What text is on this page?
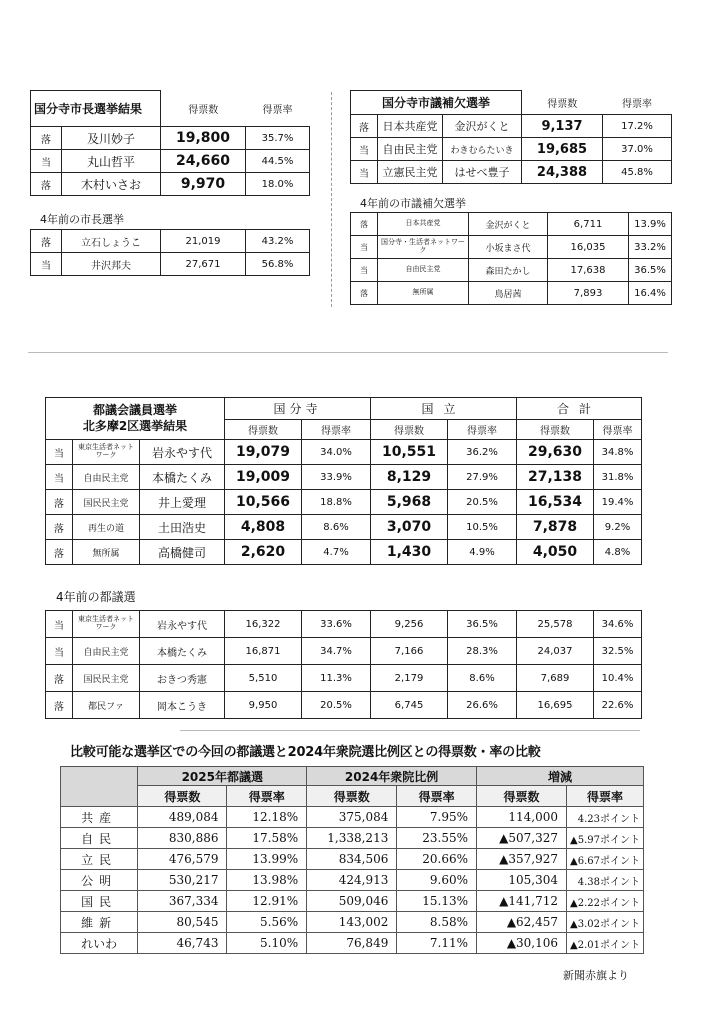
国分寺市長選挙結果		得票数	得票率
落	及川妙子	19,800	35.7%
当	丸山哲平	24,660	44.5%
落	木村いさお	9,970	18.0%
4年前の市長選挙
落	立石しょうこ	21,019	43.2%
当	井沢邦夫	27,671	56.8%
国分寺市議補欠選挙			得票数	得票率
落	日本共産党	金沢がくと	9,137	17.2%
当	自由民主党	わきむらたいき	19,685	37.0%
当	立憲民主党	はせべ豊子	24,388	45.8%
4年前の市議補欠選挙
落	日本共産党	金沢がくと	6,711	13.9%
当	国分寺・生活者ネットワーク	小坂まさ代	16,035	33.2%
当	自由民主党	森田たかし	17,638	36.5%
落	無所属	鳥居茜	7,893	16.4%
都議会議員選挙
北多摩2区選挙結果			国分寺		国立		合計	
			得票数	得票率	得票数	得票率	得票数	得票率
当	東京生活者ネットワーク	岩永やす代	19,079	34.0%	10,551	36.2%	29,630	34.8%
当	自由民主党	本橋たくみ	19,009	33.9%	8,129	27.9%	27,138	31.8%
落	国民民主党	井上愛理	10,566	18.8%	5,968	20.5%	16,534	19.4%
落	再生の道	土田浩史	4,808	8.6%	3,070	10.5%	7,878	9.2%
落	無所属	高橋健司	2,620	4.7%	1,430	4.9%	4,050	4.8%
4年前の都議選
当	東京生活者ネットワーク	岩永やす代	16,322	33.6%	9,256	36.5%	25,578	34.6%
当	自由民主党	本橋たくみ	16,871	34.7%	7,166	28.3%	24,037	32.5%
落	国民民主党	おきつ秀憲	5,510	11.3%	2,179	8.6%	7,689	10.4%
落	都民ファ	岡本こうき	9,950	20.5%	6,745	26.6%	16,695	22.6%
比較可能な選挙区での今回の都議選と2024年衆院選比例区との得票数・率の比較
	2025年都議選		2024年衆院比例		増減	
	得票数	得票率	得票数	得票率	得票数	得票率
共産	489,084	12.18%	375,084	7.95%	114,000	4.23ポイント
自民	830,886	17.58%	1,338,213	23.55%	▲507,327	▲5.97ポイント
立民	476,579	13.99%	834,506	20.66%	▲357,927	▲6.67ポイント
公明	530,217	13.98%	424,913	9.60%	105,304	4.38ポイント
国民	367,334	12.91%	509,046	15.13%	▲141,712	▲2.22ポイント
維新	80,545	5.56%	143,002	8.58%	▲62,457	▲3.02ポイント
れいわ	46,743	5.10%	76,849	7.11%	▲30,106	▲2.01ポイント
新聞赤旗より
